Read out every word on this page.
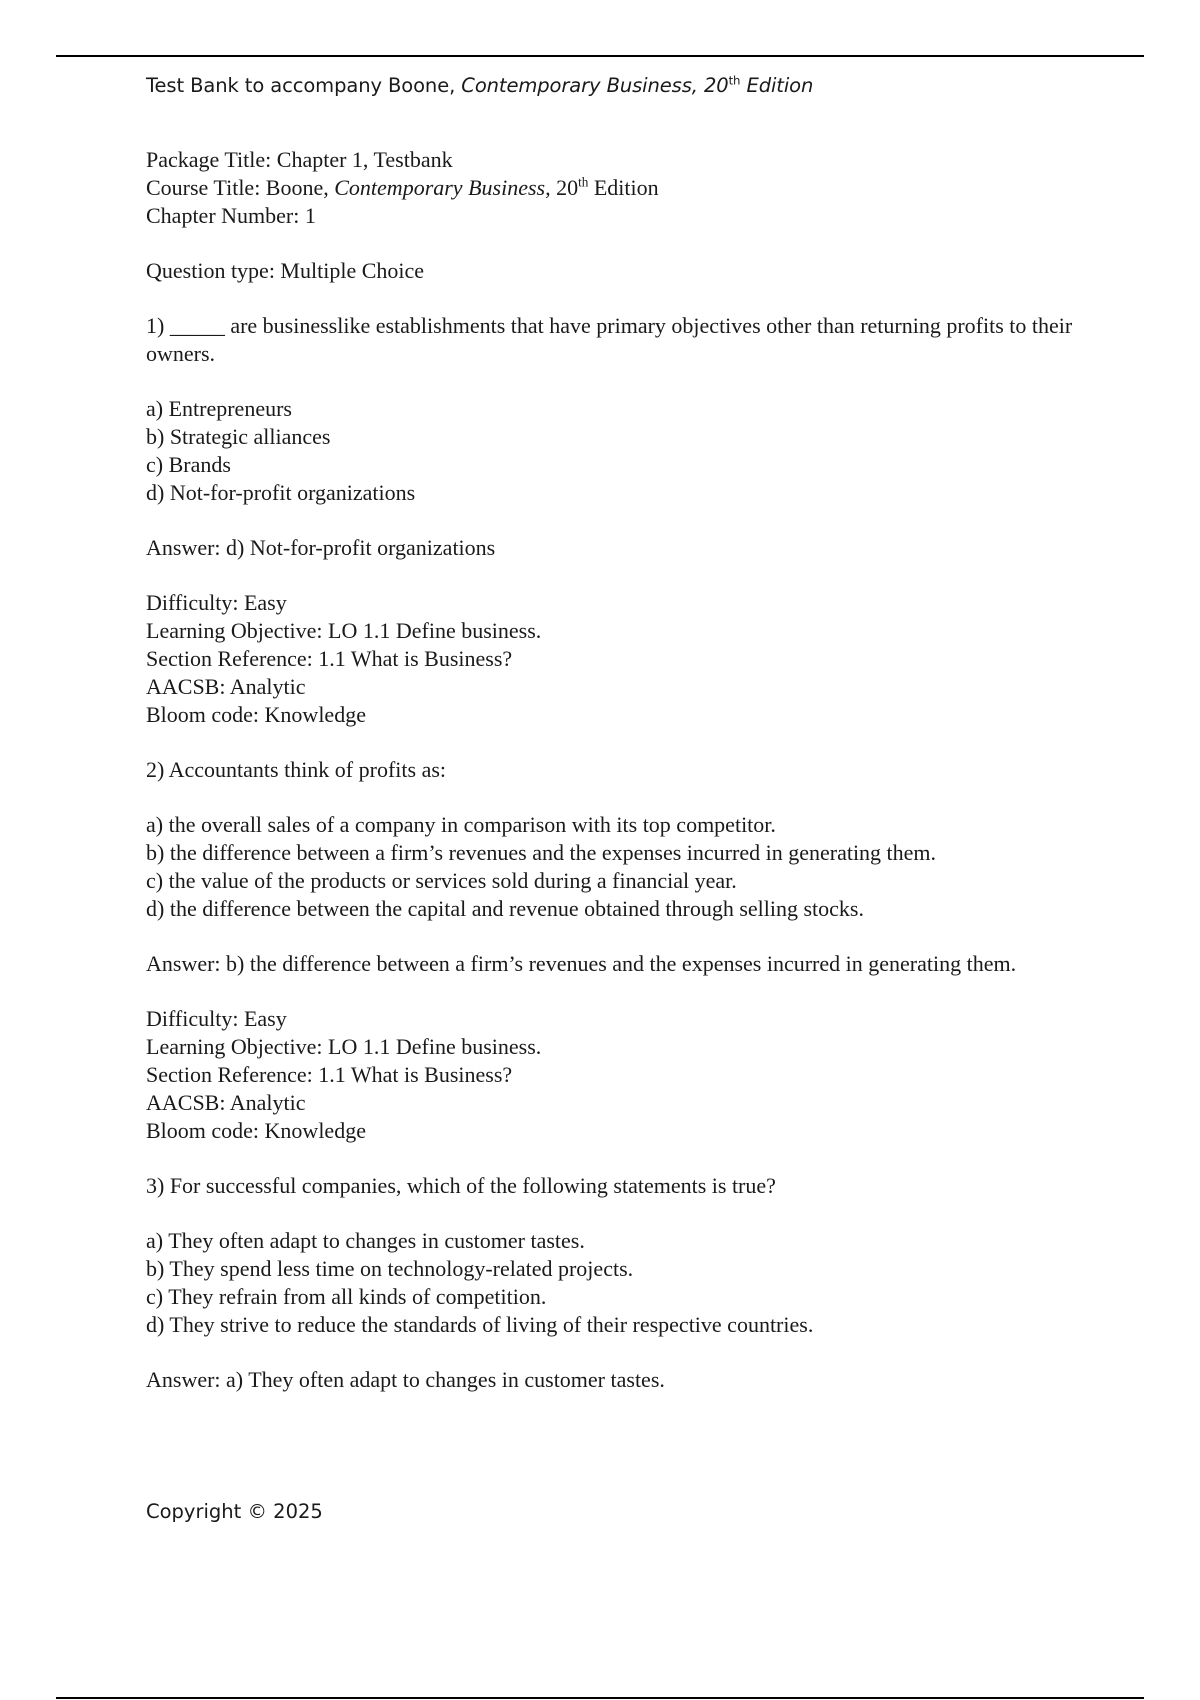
Test Bank to accompany Boone, Contemporary Business, 20th Edition
Package Title: Chapter 1, Testbank
Course Title: Boone, Contemporary Business, 20th Edition
Chapter Number: 1
Question type: Multiple Choice
1) _____ are businesslike establishments that have primary objectives other than returning profits to their owners.
a) Entrepreneurs
b) Strategic alliances
c) Brands
d) Not-for-profit organizations
Answer: d) Not-for-profit organizations
Difficulty: Easy
Learning Objective: LO 1.1 Define business.
Section Reference: 1.1 What is Business?
AACSB: Analytic
Bloom code: Knowledge
2) Accountants think of profits as:
a) the overall sales of a company in comparison with its top competitor.
b) the difference between a firm’s revenues and the expenses incurred in generating them.
c) the value of the products or services sold during a financial year.
d) the difference between the capital and revenue obtained through selling stocks.
Answer: b) the difference between a firm’s revenues and the expenses incurred in generating them.
Difficulty: Easy
Learning Objective: LO 1.1 Define business.
Section Reference: 1.1 What is Business?
AACSB: Analytic
Bloom code: Knowledge
3) For successful companies, which of the following statements is true?
a) They often adapt to changes in customer tastes.
b) They spend less time on technology-related projects.
c) They refrain from all kinds of competition.
d) They strive to reduce the standards of living of their respective countries.
Answer: a) They often adapt to changes in customer tastes.
Copyright © 2025
